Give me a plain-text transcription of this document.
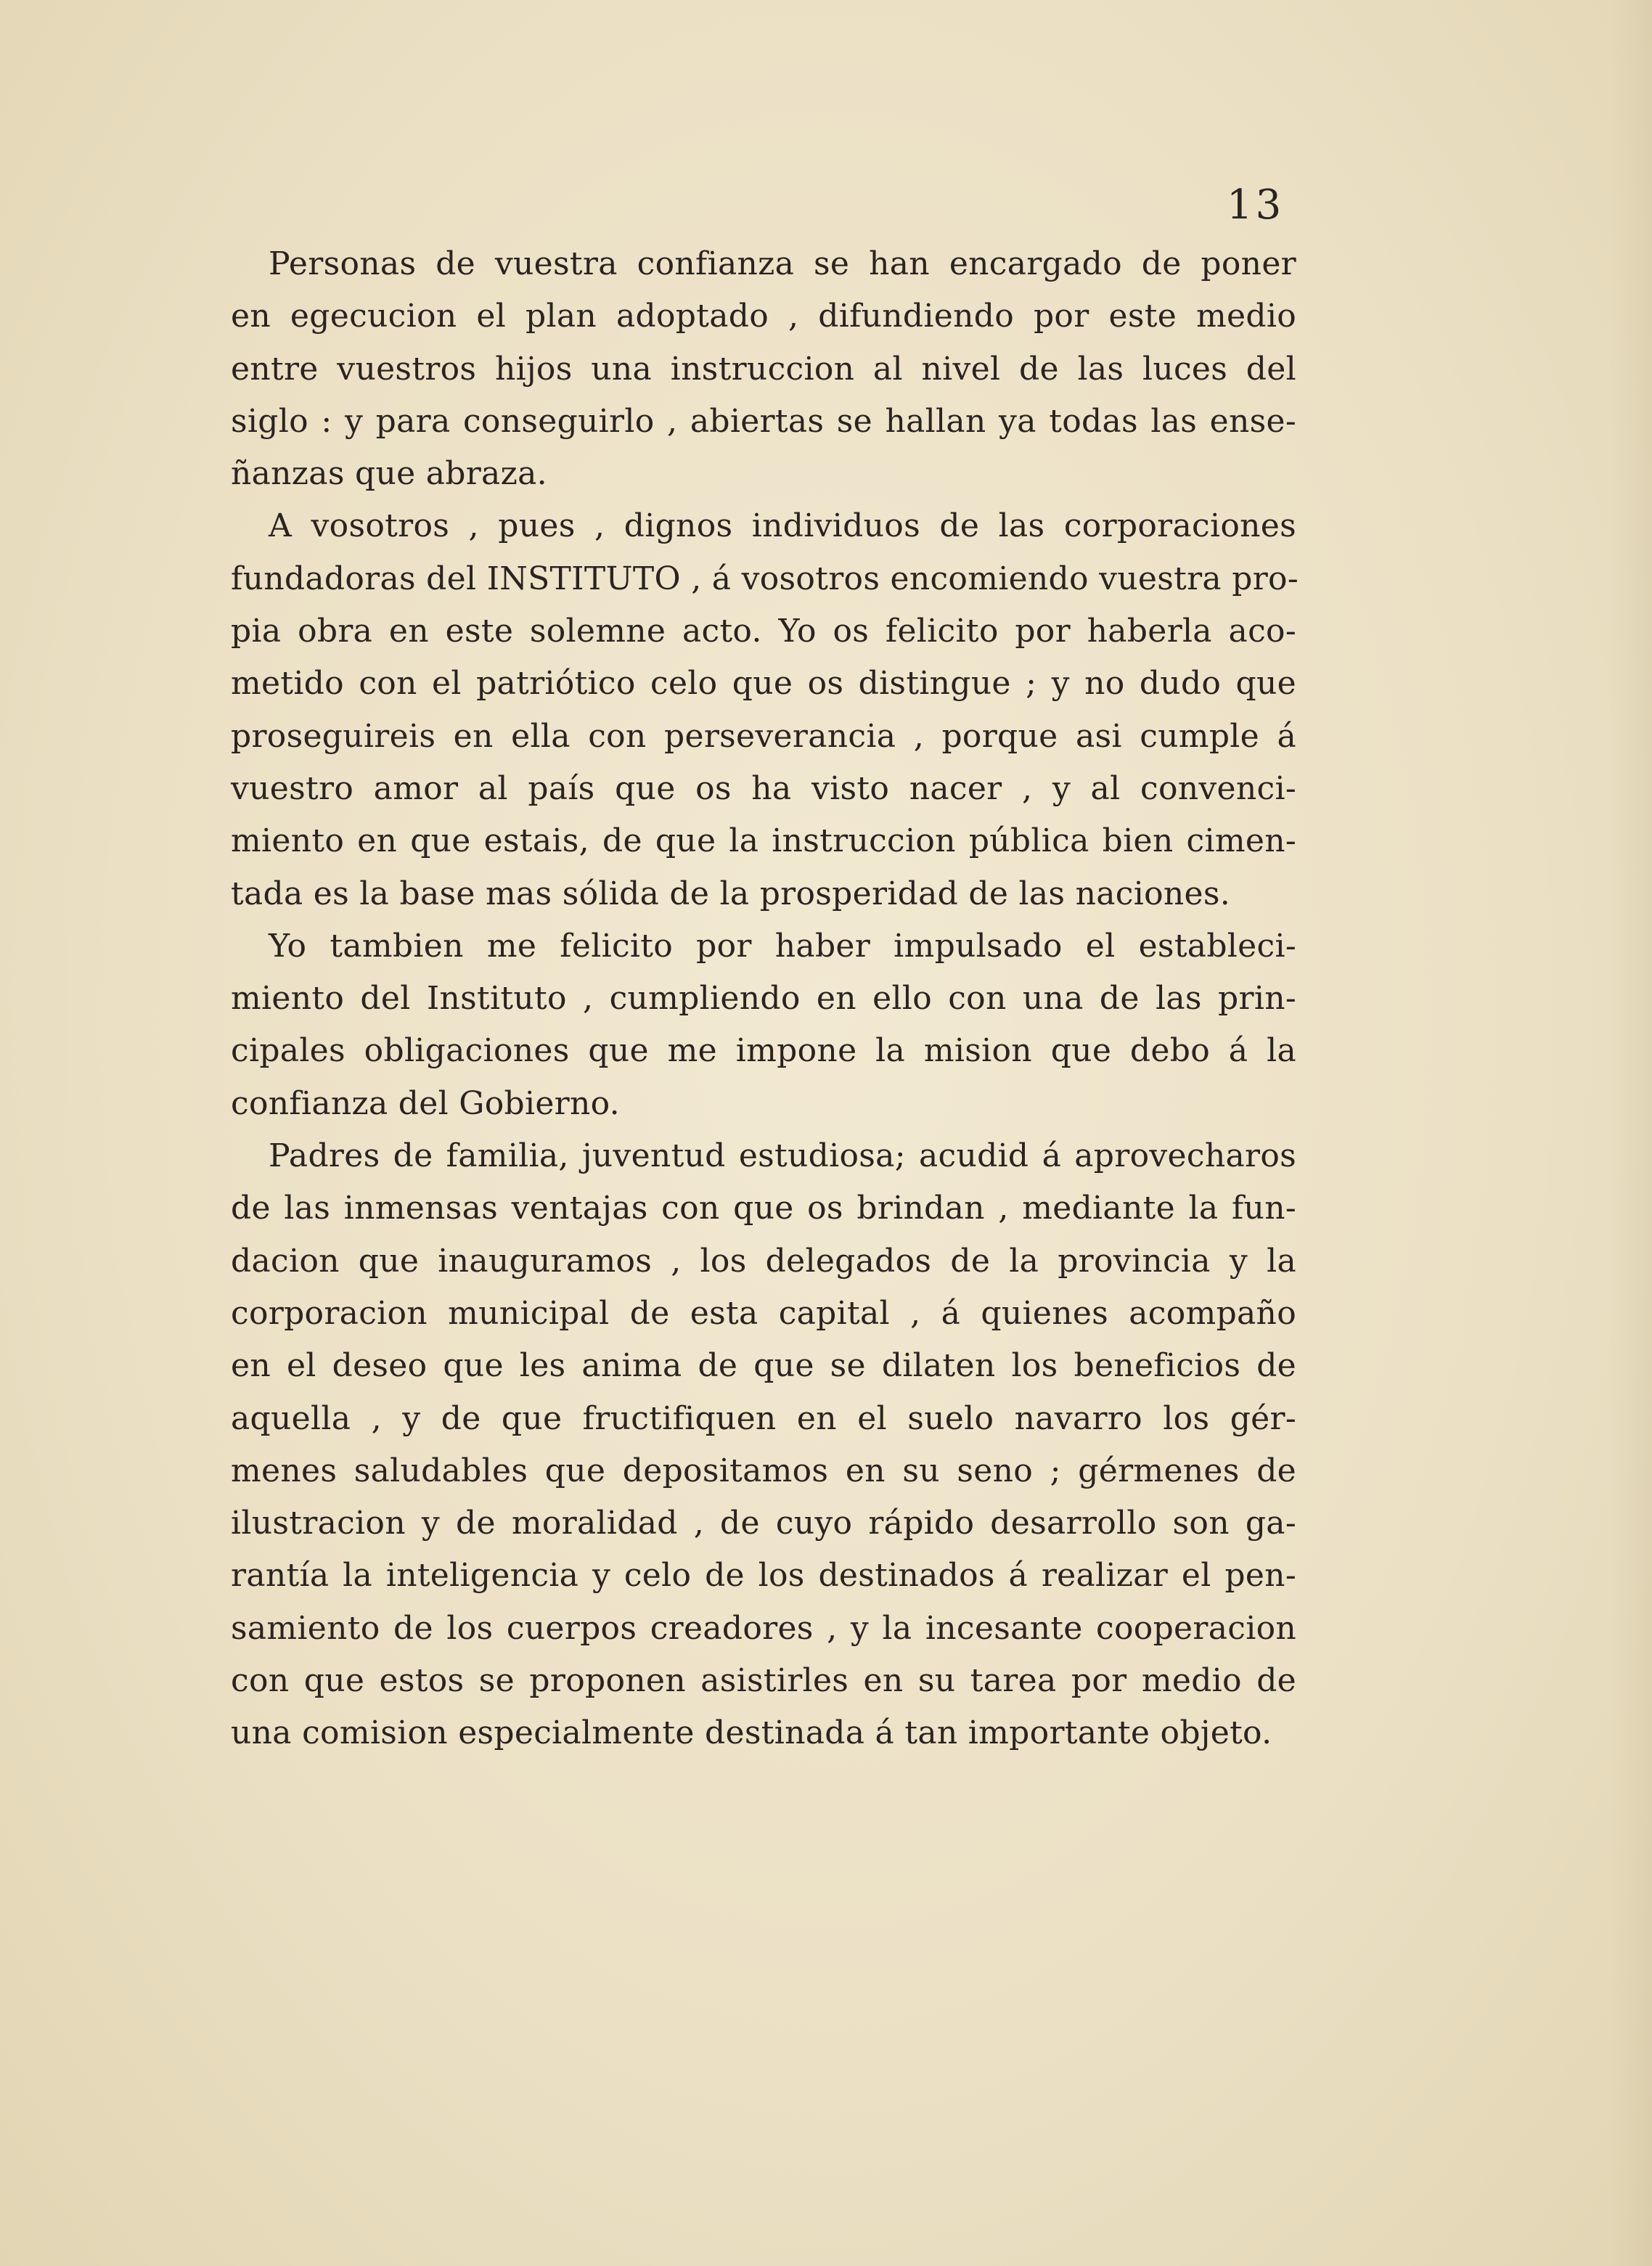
13
Personas de vuestra confianza se han encargado de poner
en egecucion el plan adoptado , difundiendo por este medio
entre vuestros hijos una instruccion al nivel de las luces del
siglo : y para conseguirlo , abiertas se hallan ya todas las ense-
ñanzas que abraza.
A vosotros , pues , dignos individuos de las corporaciones
fundadoras del INSTITUTO , á vosotros encomiendo vuestra pro-
pia obra en este solemne acto. Yo os felicito por haberla aco-
metido con el patriótico celo que os distingue ; y no dudo que
proseguireis en ella con perseverancia , porque asi cumple á
vuestro amor al país que os ha visto nacer , y al convenci-
miento en que estais, de que la instruccion pública bien cimen-
tada es la base mas sólida de la prosperidad de las naciones.
Yo tambien me felicito por haber impulsado el estableci-
miento del Instituto , cumpliendo en ello con una de las prin-
cipales obligaciones que me impone la mision que debo á la
confianza del Gobierno.
Padres de familia, juventud estudiosa; acudid á aprovecharos
de las inmensas ventajas con que os brindan , mediante la fun-
dacion que inauguramos , los delegados de la provincia y la
corporacion municipal de esta capital , á quienes acompaño
en el deseo que les anima de que se dilaten los beneficios de
aquella , y de que fructifiquen en el suelo navarro los gér-
menes saludables que depositamos en su seno ; gérmenes de
ilustracion y de moralidad , de cuyo rápido desarrollo son ga-
rantía la inteligencia y celo de los destinados á realizar el pen-
samiento de los cuerpos creadores , y la incesante cooperacion
con que estos se proponen asistirles en su tarea por medio de
una comision especialmente destinada á tan importante objeto.
